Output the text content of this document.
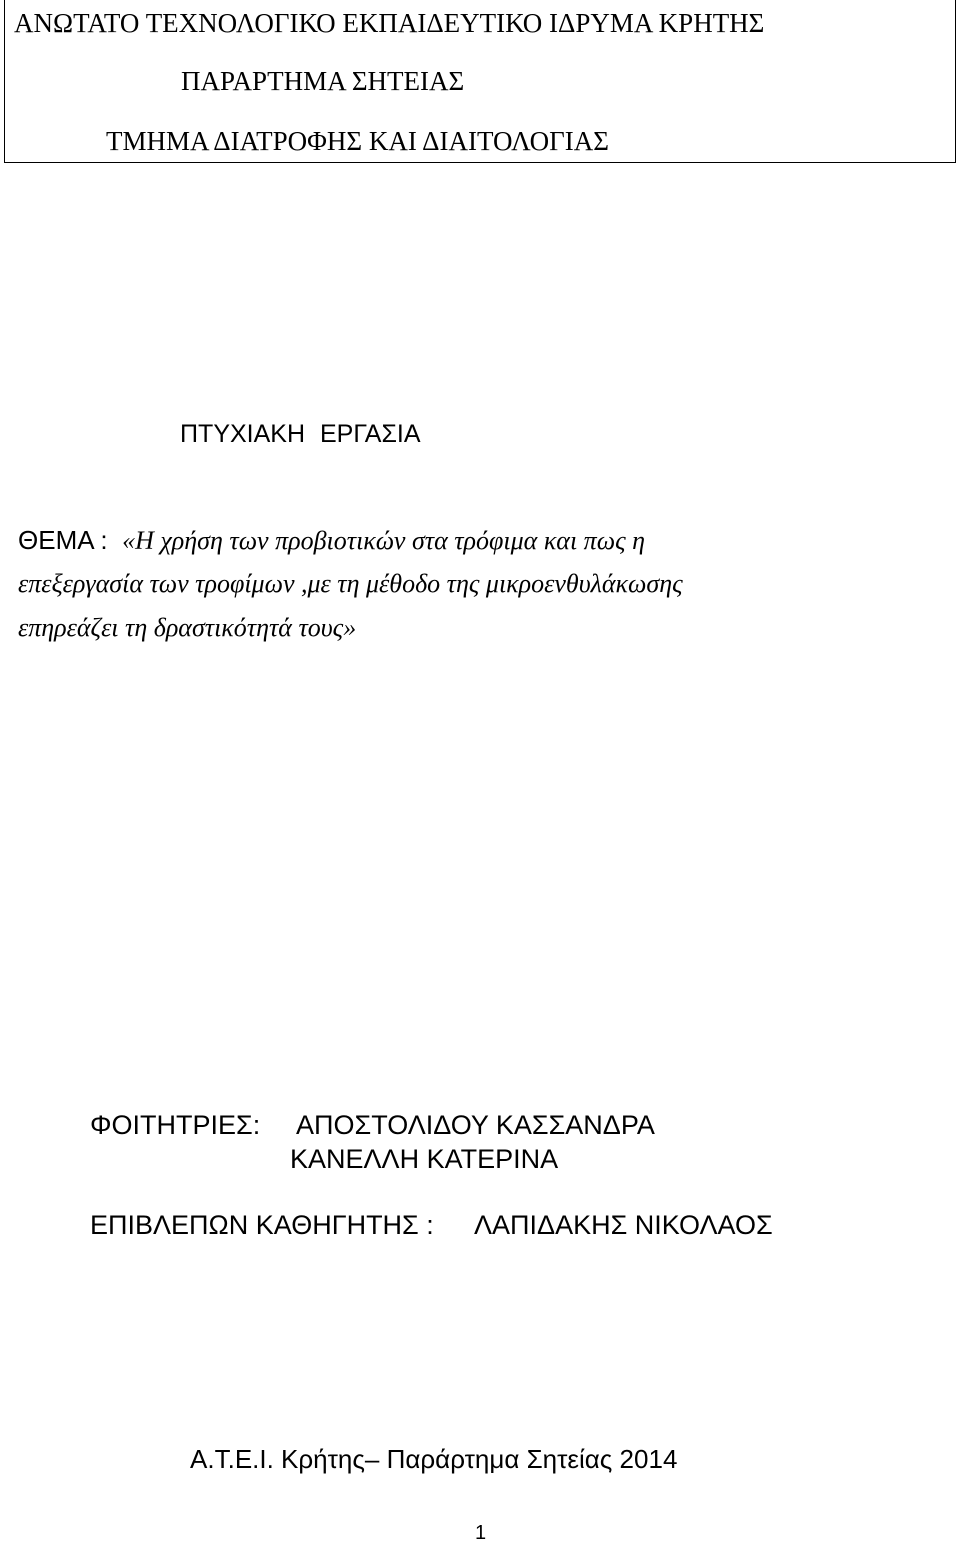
ΑΝΩΤΑΤΟ ΤΕΧΝΟΛΟΓΙΚΟ ΕΚΠΑΙΔΕΥΤΙΚΟ ΙΔΡΥΜΑ ΚΡΗΤΗΣ
ΠΑΡΑΡΤΗΜΑ ΣΗΤΕΙΑΣ
ΤΜΗΜΑ ΔΙΑΤΡΟΦΗΣ ΚΑΙ ΔΙΑΙΤΟΛΟΓΙΑΣ
ΠΤΥΧΙΑΚΗ ΕΡΓΑΣΙΑ
ΘΕΜΑ : «Η χρήση των προβιοτικών στα τρόφιμα και πως η
επεξεργασία των τροφίμων ,με τη μέθοδο της μικροενθυλάκωσης
επηρεάζει τη δραστικότητά τους»
ΦΟΙΤΗΤΡΙΕΣ: ΑΠΟΣΤΟΛΙΔΟΥ ΚΑΣΣΑΝΔΡΑ
ΚΑΝΕΛΛΗ ΚΑΤΕΡΙΝΑ
ΕΠΙΒΛΕΠΩΝ ΚΑΘΗΓΗΤΗΣ : ΛΑΠΙΔΑΚΗΣ ΝΙΚΟΛΑΟΣ
Α.Τ.Ε.Ι. Κρήτης– Παράρτημα Σητείας 2014
1
